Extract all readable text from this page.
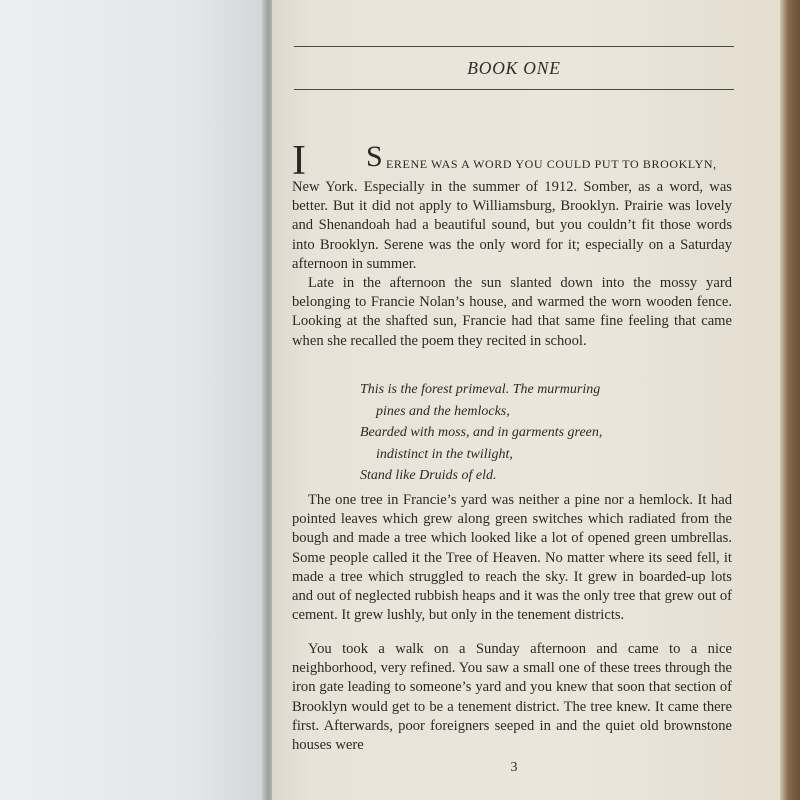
BOOK ONE
I S ERENE WAS A WORD YOU COULD PUT TO BROOKLYN,

New York. Especially in the summer of 1912. Somber, as a word, was better. But it did not apply to Williamsburg, Brooklyn. Prairie was lovely and Shenandoah had a beautiful sound, but you couldn’t fit those words into Brooklyn. Serene was the only word for it; especially on a Saturday afternoon in summer.

Late in the afternoon the sun slanted down into the mossy yard belonging to Francie Nolan’s house, and warmed the worn wooden fence. Looking at the shafted sun, Francie had that same fine feeling that came when she recalled the poem they recited in school.

This is the forest primeval. The murmuring
pines and the hemlocks,
Bearded with moss, and in garments green,
indistinct in the twilight,
Stand like Druids of eld.

The one tree in Francie’s yard was neither a pine nor a hemlock. It had pointed leaves which grew along green switches which radiated from the bough and made a tree which looked like a lot of opened green umbrellas. Some people called it the Tree of Heaven. No matter where its seed fell, it made a tree which struggled to reach the sky. It grew in boarded-up lots and out of neglected rubbish heaps and it was the only tree that grew out of cement. It grew lushly, but only in the tenement districts.

You took a walk on a Sunday afternoon and came to a nice neighborhood, very refined. You saw a small one of these trees through the iron gate leading to someone’s yard and you knew that soon that section of Brooklyn would get to be a tenement district. The tree knew. It came there first. Afterwards, poor foreigners seeped in and the quiet old brownstone houses were

3
